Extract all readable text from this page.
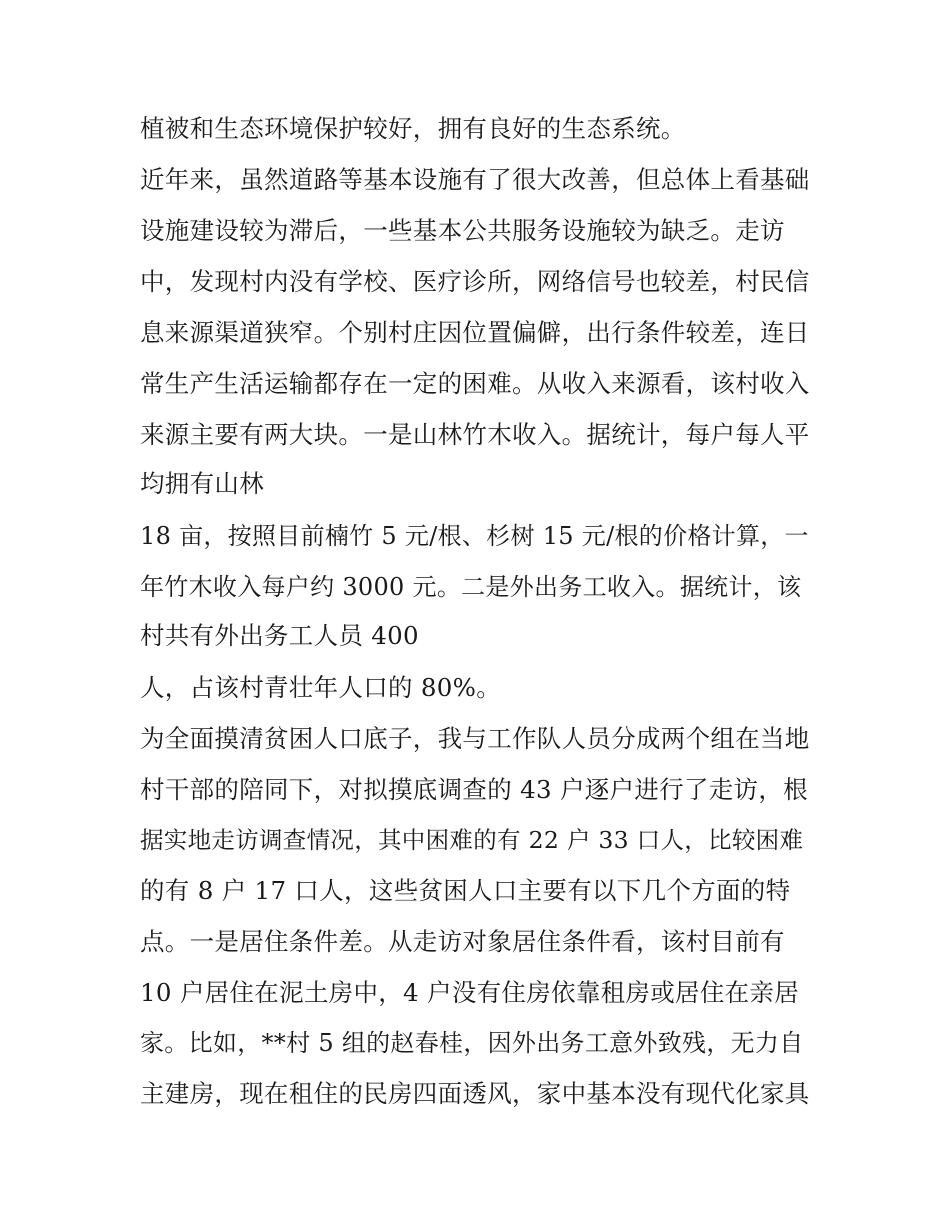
植被和生态环境保护较好，拥有良好的生态系统。
近年来，虽然道路等基本设施有了很大改善，但总体上看基础
设施建设较为滞后，一些基本公共服务设施较为缺乏。走访
中，发现村内没有学校、医疗诊所，网络信号也较差，村民信
息来源渠道狭窄。个别村庄因位置偏僻，出行条件较差，连日
常生产生活运输都存在一定的困难。从收入来源看，该村收入
来源主要有两大块。一是山林竹木收入。据统计，每户每人平
均拥有山林
18 亩，按照目前楠竹 5 元/根、杉树 15 元/根的价格计算，一
年竹木收入每户约 3000 元。二是外出务工收入。据统计，该
村共有外出务工人员 400
人，占该村青壮年人口的 80%。
为全面摸清贫困人口底子，我与工作队人员分成两个组在当地
村干部的陪同下，对拟摸底调查的 43 户逐户进行了走访，根
据实地走访调查情况，其中困难的有 22 户 33 口人，比较困难
的有 8 户 17 口人，这些贫困人口主要有以下几个方面的特
点。一是居住条件差。从走访对象居住条件看，该村目前有
10 户居住在泥土房中，4 户没有住房依靠租房或居住在亲居
家。比如，**村 5 组的赵春桂，因外出务工意外致残，无力自
主建房，现在租住的民房四面透风，家中基本没有现代化家具
